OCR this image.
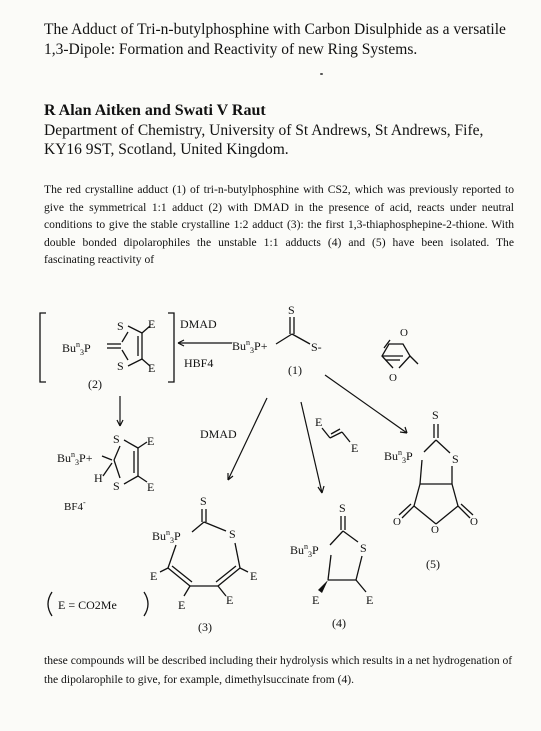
The Adduct of Tri-n-butylphosphine with Carbon Disulphide as a versatile 1,3-Dipole: Formation and Reactivity of new Ring Systems.

R Alan Aitken and Swati V Raut

Department of Chemistry, University of St Andrews, St Andrews, Fife, KY16 9ST, Scotland, United Kingdom.

The red crystalline adduct (1) of tri-n-butylphosphine with CS2, which was previously reported to give the symmetrical 1:1 adduct (2) with DMAD in the presence of acid, reacts under neutral conditions to give the stable crystalline 1:2 adduct (3): the first 1,3-thiaphosphepine-2-thione. With double bonded dipolarophiles the unstable 1:1 adducts (4) and (5) have been isolated. The fascinating reactivity of

$Bu^n_3P$
S
S
E
E
(2)
DMAD
HBF4
$Bu^n_3P+$
S
S-
(1)
O
O
DMAD
E
E
$Bu^n_3P+$
S
S
E
E
H
BF4-
S
$Bu^n_3P$	S
O
O
O
(5)
S
$Bu^n_3P$	S
E	E
E	E
(3)
S
$Bu^n_3P$	S
E	E
(4)
E = CO2Me

these compounds will be described including their hydrolysis which results in a net hydrogenation of the dipolarophile to give, for example, dimethylsuccinate from (4).
